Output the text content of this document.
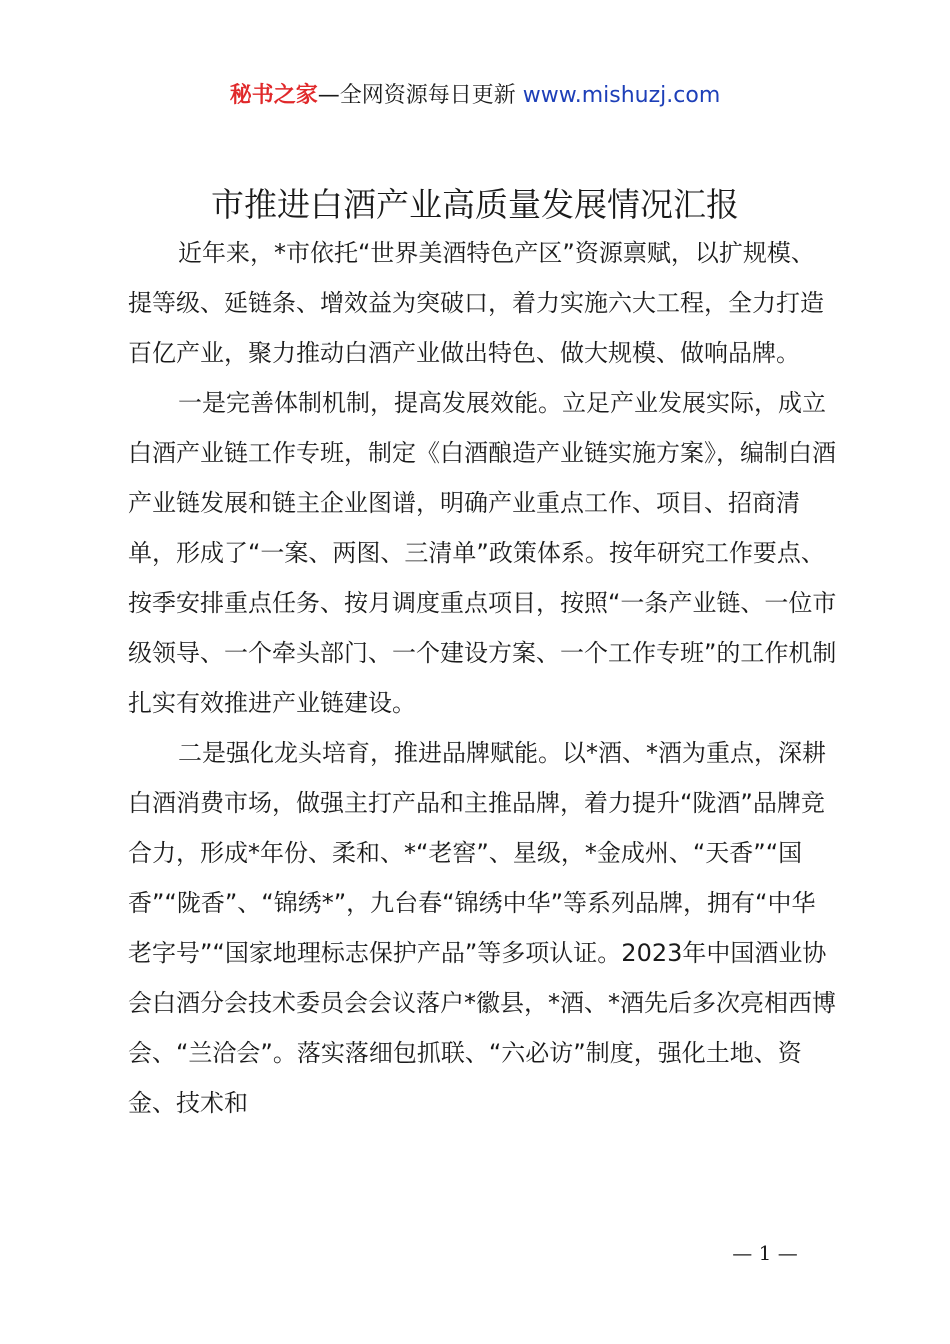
秘书之家—全网资源每日更新 www.mishuzj.com
市推进白酒产业高质量发展情况汇报

近年来，*市依托“世界美酒特色产区”资源禀赋，以扩规模、提等级、延链条、增效益为突破口，着力实施六大工程，全力打造百亿产业，聚力推动白酒产业做出特色、做大规模、做响品牌。

一是完善体制机制，提高发展效能。立足产业发展实际，成立白酒产业链工作专班，制定《白酒酿造产业链实施方案》，编制白酒产业链发展和链主企业图谱，明确产业重点工作、项目、招商清单，形成了“一案、两图、三清单”政策体系。按年研究工作要点、按季安排重点任务、按月调度重点项目，按照“一条产业链、一位市级领导、一个牵头部门、一个建设方案、一个工作专班”的工作机制扎实有效推进产业链建设。

二是强化龙头培育，推进品牌赋能。以*酒、*酒为重点，深耕白酒消费市场，做强主打产品和主推品牌，着力提升“陇酒”品牌竞合力，形成*年份、柔和、*“老窖”、星级，*金成州、“天香”“国香”“陇香”、“锦绣*”，九台春“锦绣中华”等系列品牌，拥有“中华老字号”“国家地理标志保护产品”等多项认证。2023年中国酒业协会白酒分会技术委员会会议落户*徽县，*酒、*酒先后多次亮相西博会、“兰洽会”。落实落细包抓联、“六必访”制度，强化土地、资金、技术和

— 1 —
